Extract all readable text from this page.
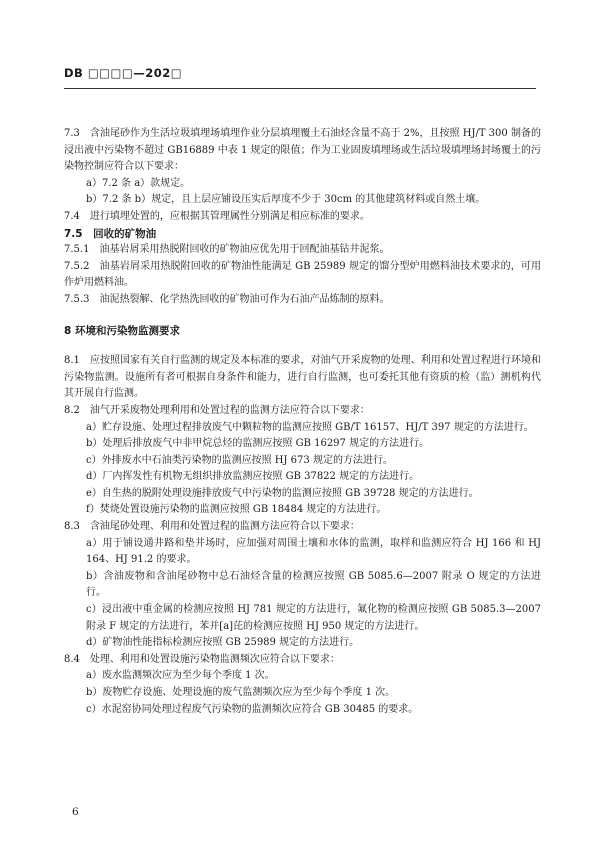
DB □□□□—202□

7.3　含油尾砂作为生活垃圾填埋场填埋作业分层填埋覆土石油烃含量不高于 2%，且按照 HJ/T 300 制备的浸出液中污染物不超过 GB16889 中表 1 规定的限值；作为工业固废填埋场或生活垃圾填埋场封场覆土的污染物控制应符合以下要求：

a）7.2 条 a）款规定。

b）7.2 条 b）规定，且上层应铺设压实后厚度不少于 30cm 的其他建筑材料或自然土壤。

7.4　进行填埋处置的，应根据其管理属性分别满足相应标准的要求。

7.5　回收的矿物油

7.5.1　油基岩屑采用热脱附回收的矿物油应优先用于回配油基钻井泥浆。

7.5.2　油基岩屑采用热脱附回收的矿物油性能满足 GB 25989 规定的馏分型炉用燃料油技术要求的，可用作炉用燃料油。

7.5.3　油泥热裂解、化学热洗回收的矿物油可作为石油产品炼制的原料。

8 环境和污染物监测要求

8.1　应按照国家有关自行监测的规定及本标准的要求，对油气开采废物的处理、利用和处置过程进行环境和污染物监测。设施所有者可根据自身条件和能力，进行自行监测，也可委托其他有资质的检（监）测机构代其开展自行监测。

8.2　油气开采废物处理利用和处置过程的监测方法应符合以下要求：

a）贮存设施、处理过程排放废气中颗粒物的监测应按照 GB/T 16157、HJ/T 397 规定的方法进行。

b）处理后排放废气中非甲烷总烃的监测应按照 GB 16297 规定的方法进行。

c）外排废水中石油类污染物的监测应按照 HJ 673 规定的方法进行。

d）厂内挥发性有机物无组织排放监测应按照 GB 37822 规定的方法进行。

e）自生热的脱附处理设施排放废气中污染物的监测应按照 GB 39728 规定的方法进行。

f）焚烧处置设施污染物的监测应按照 GB 18484 规定的方法进行。

8.3　含油尾砂处理、利用和处置过程的监测方法应符合以下要求：

a）用于铺设通井路和垫井场时，应加强对周围土壤和水体的监测，取样和监测应符合 HJ 166 和 HJ 164、HJ 91.2 的要求。

b）含油废物和含油尾砂物中总石油烃含量的检测应按照 GB 5085.6—2007 附录 O 规定的方法进行。

c）浸出液中重金属的检测应按照 HJ 781 规定的方法进行，氟化物的检测应按照 GB 5085.3—2007 附录 F 规定的方法进行，苯并[a]芘的检测应按照 HJ 950 规定的方法进行。

d）矿物油性能指标检测应按照 GB 25989 规定的方法进行。

8.4　处理、利用和处置设施污染物监测频次应符合以下要求：

a）废水监测频次应为至少每个季度 1 次。

b）废物贮存设施、处理设施的废气监测频次应为至少每个季度 1 次。

c）水泥窑协同处理过程废气污染物的监测频次应符合 GB 30485 的要求。

6
